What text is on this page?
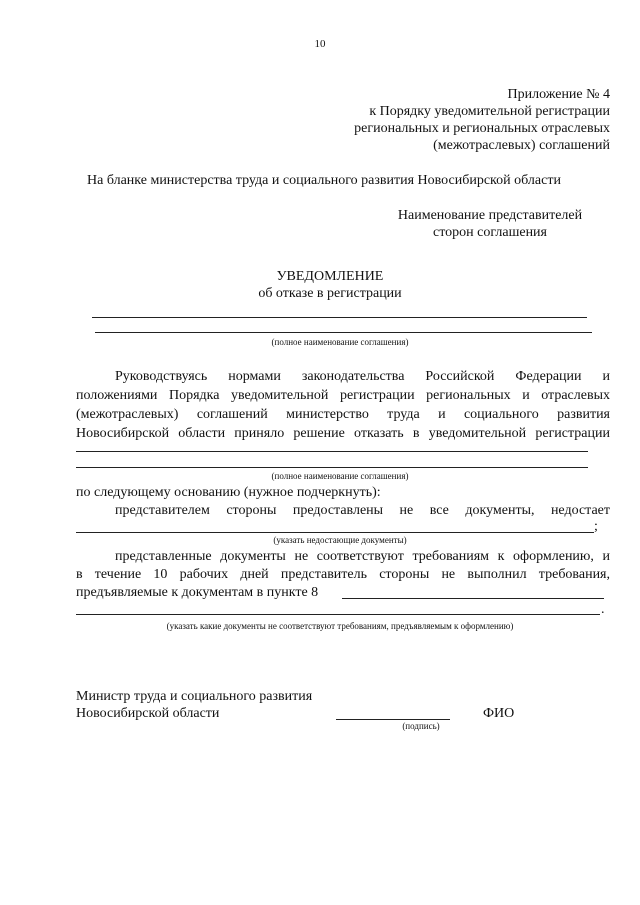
10
Приложение № 4
к Порядку уведомительной регистрации
региональных и региональных отраслевых
(межотраслевых) соглашений
На бланке министерства труда и социального развития Новосибирской области
Наименование представителей
сторон соглашения
УВЕДОМЛЕНИЕ
об отказе в регистрации
(полное наименование соглашения)
Руководствуясь нормами законодательства Российской Федерации и
положениями Порядка уведомительной регистрации региональных и отраслевых
(межотраслевых) соглашений министерство труда и социального развития
Новосибирской области приняло решение отказать в уведомительной регистрации
(полное наименование соглашения)
по следующему основанию (нужное подчеркнуть):
представителем стороны предоставлены не все документы, недостает
;
(указать недостающие документы)
представленные документы не соответствуют требованиям к оформлению, и
в течение 10 рабочих дней представитель стороны не выполнил требования,
предъявляемые к документам в пункте 8
.
(указать какие документы не соответствуют требованиям, предъявляемым к оформлению)
Министр труда и социального развития
Новосибирской области	ФИО
(подпись)
